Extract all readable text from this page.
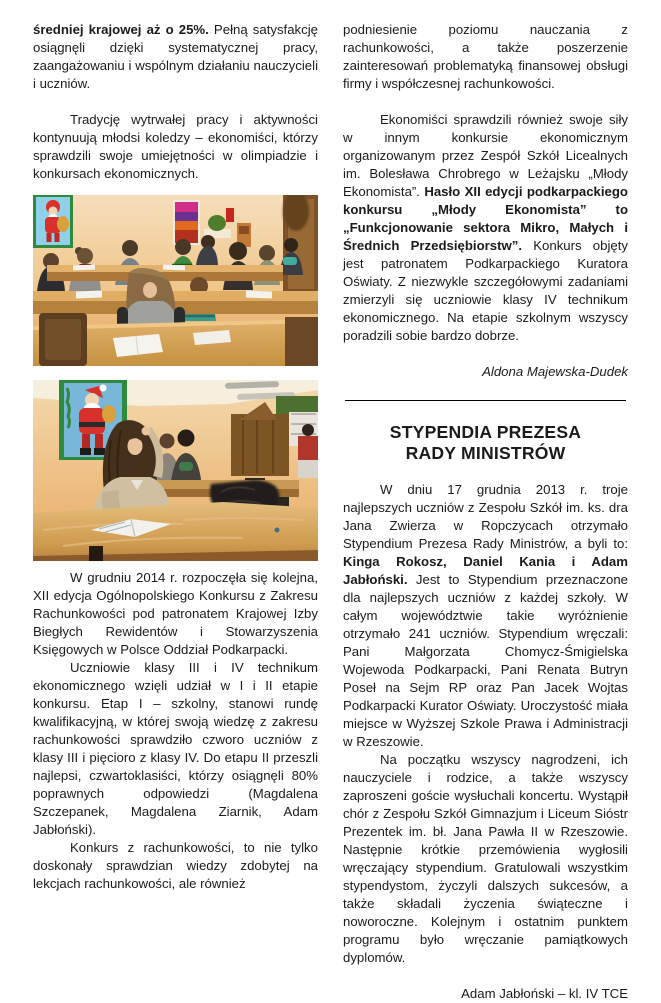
średniej krajowej aż o 25%. Pełną satysfakcję osiągnęli dzięki systematycznej pracy, zaangażowaniu i wspólnym działaniu nauczycieli i uczniów.

Tradycję wytrwałej pracy i aktywności kontynuują młodsi koledzy – ekonomiści, którzy sprawdzili swoje umiejętności w olimpiadzie i konkursach ekonomicznych.

W grudniu 2014 r. rozpoczęła się kolejna, XII edycja Ogólnopolskiego Konkursu z Zakresu Rachunkowości pod patronatem Krajowej Izby Biegłych Rewidentów i Stowarzyszenia Księgowych w Polsce Oddział Podkarpacki.

Uczniowie klasy III i IV technikum ekonomicznego wzięli udział w I i II etapie konkursu. Etap I – szkolny, stanowi rundę kwalifikacyjną, w której swoją wiedzę z zakresu rachunkowości sprawdziło czworo uczniów z klasy III i pięcioro z klasy IV. Do etapu II przeszli najlepsi, czwartoklasiści, którzy osiągnęli 80% poprawnych odpowiedzi (Magdalena Szczepanek, Magdalena Ziarnik, Adam Jabłoński).

Konkurs z rachunkowości, to nie tylko doskonały sprawdzian wiedzy zdobytej na lekcjach rachunkowości, ale również

podniesienie poziomu nauczania z rachunkowości, a także poszerzenie zainteresowań problematyką finansowej obsługi firmy i współczesnej rachunkowości.

Ekonomiści sprawdzili również swoje siły w innym konkursie ekonomicznym organizowanym przez Zespół Szkół Licealnych im. Bolesława Chrobrego w Leżajsku „Młody Ekonomista”. Hasło XII edycji podkarpackiego konkursu „Młody Ekonomista” to „Funkcjonowanie sektora Mikro, Małych i Średnich Przedsiębiorstw”. Konkurs objęty jest patronatem Podkarpackiego Kuratora Oświaty. Z niezwykle szczegółowymi zadaniami zmierzyli się uczniowie klasy IV technikum ekonomicznego. Na etapie szkolnym wszyscy poradzili sobie bardzo dobrze.

Aldona Majewska-Dudek

STYPENDIA PREZESA RADY MINISTRÓW

W dniu 17 grudnia 2013 r. troje najlepszych uczniów z Zespołu Szkół im. ks. dra Jana Zwierza w Ropczycach otrzymało Stypendium Prezesa Rady Ministrów, a byli to: Kinga Rokosz, Daniel Kania i Adam Jabłoński. Jest to Stypendium przeznaczone dla najlepszych uczniów z każdej szkoły. W całym województwie takie wyróżnienie otrzymało 241 uczniów. Stypendium wręczali: Pani Małgorzata Chomycz-Śmigielska Wojewoda Podkarpacki, Pani Renata Butryn Poseł na Sejm RP oraz Pan Jacek Wojtas Podkarpacki Kurator Oświaty. Uroczystość miała miejsce w Wyższej Szkole Prawa i Administracji w Rzeszowie.

Na początku wszyscy nagrodzeni, ich nauczyciele i rodzice, a także wszyscy zaproszeni goście wysłuchali koncertu. Wystąpił chór z Zespołu Szkół Gimnazjum i Liceum Sióstr Prezentek im. bł. Jana Pawła II w Rzeszowie. Następnie krótkie przemówienia wygłosili wręczający stypendium. Gratulowali wszystkim stypendystom, życzyli dalszych sukcesów, a także składali życzenia świąteczne i noworoczne. Kolejnym i ostatnim punktem programu było wręczanie pamiątkowych dyplomów.

Adam Jabłoński – kl. IV TCE
